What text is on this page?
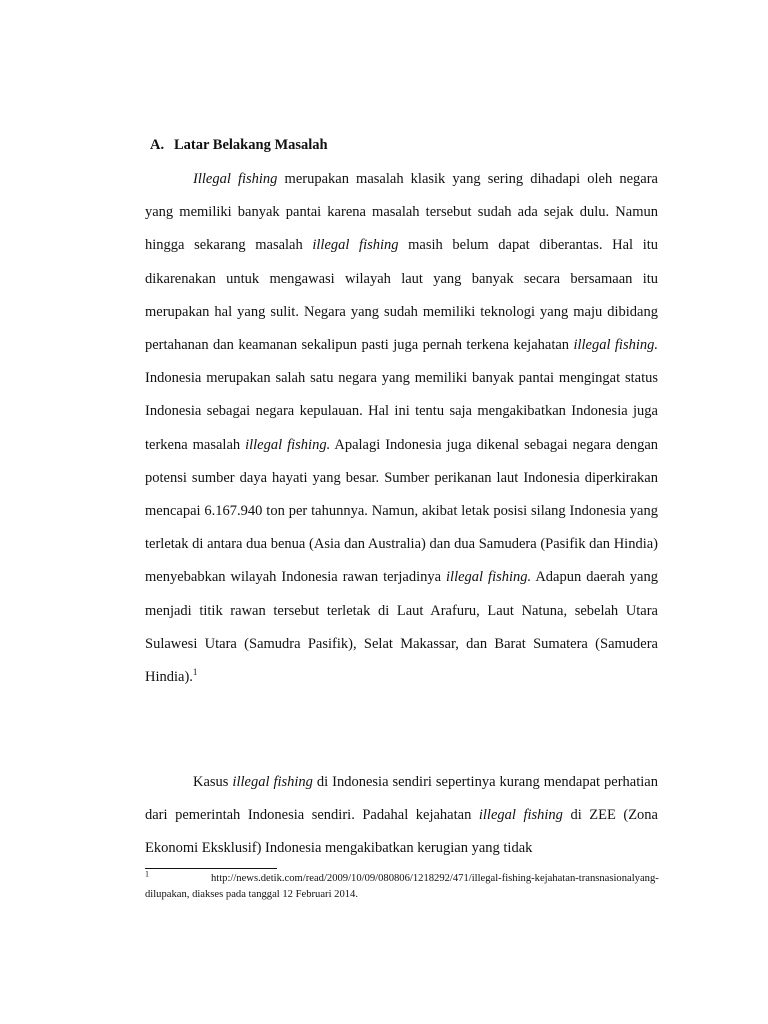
A. Latar Belakang Masalah
Illegal fishing merupakan masalah klasik yang sering dihadapi oleh negara yang memiliki banyak pantai karena masalah tersebut sudah ada sejak dulu. Namun hingga sekarang masalah illegal fishing masih belum dapat diberantas. Hal itu dikarenakan untuk mengawasi wilayah laut yang banyak secara bersamaan itu merupakan hal yang sulit. Negara yang sudah memiliki teknologi yang maju dibidang pertahanan dan keamanan sekalipun pasti juga pernah terkena kejahatan illegal fishing. Indonesia merupakan salah satu negara yang memiliki banyak pantai mengingat status Indonesia sebagai negara kepulauan. Hal ini tentu saja mengakibatkan Indonesia juga terkena masalah illegal fishing. Apalagi Indonesia juga dikenal sebagai negara dengan potensi sumber daya hayati yang besar. Sumber perikanan laut Indonesia diperkirakan mencapai 6.167.940 ton per tahunnya. Namun, akibat letak posisi silang Indonesia yang terletak di antara dua benua (Asia dan Australia) dan dua Samudera (Pasifik dan Hindia) menyebabkan wilayah Indonesia rawan terjadinya illegal fishing. Adapun daerah yang menjadi titik rawan tersebut terletak di Laut Arafuru, Laut Natuna, sebelah Utara Sulawesi Utara (Samudra Pasifik), Selat Makassar, dan Barat Sumatera (Samudera Hindia).$^1$
Kasus illegal fishing di Indonesia sendiri sepertinya kurang mendapat perhatian dari pemerintah Indonesia sendiri. Padahal kejahatan illegal fishing di ZEE (Zona Ekonomi Eksklusif) Indonesia mengakibatkan kerugian yang tidak
$^1$	http://news.detik.com/read/2009/10/09/080806/1218292/471/illegal-fishing-kejahatan-transnasionalyang-dilupakan, diakses pada tanggal 12 Februari 2014.
